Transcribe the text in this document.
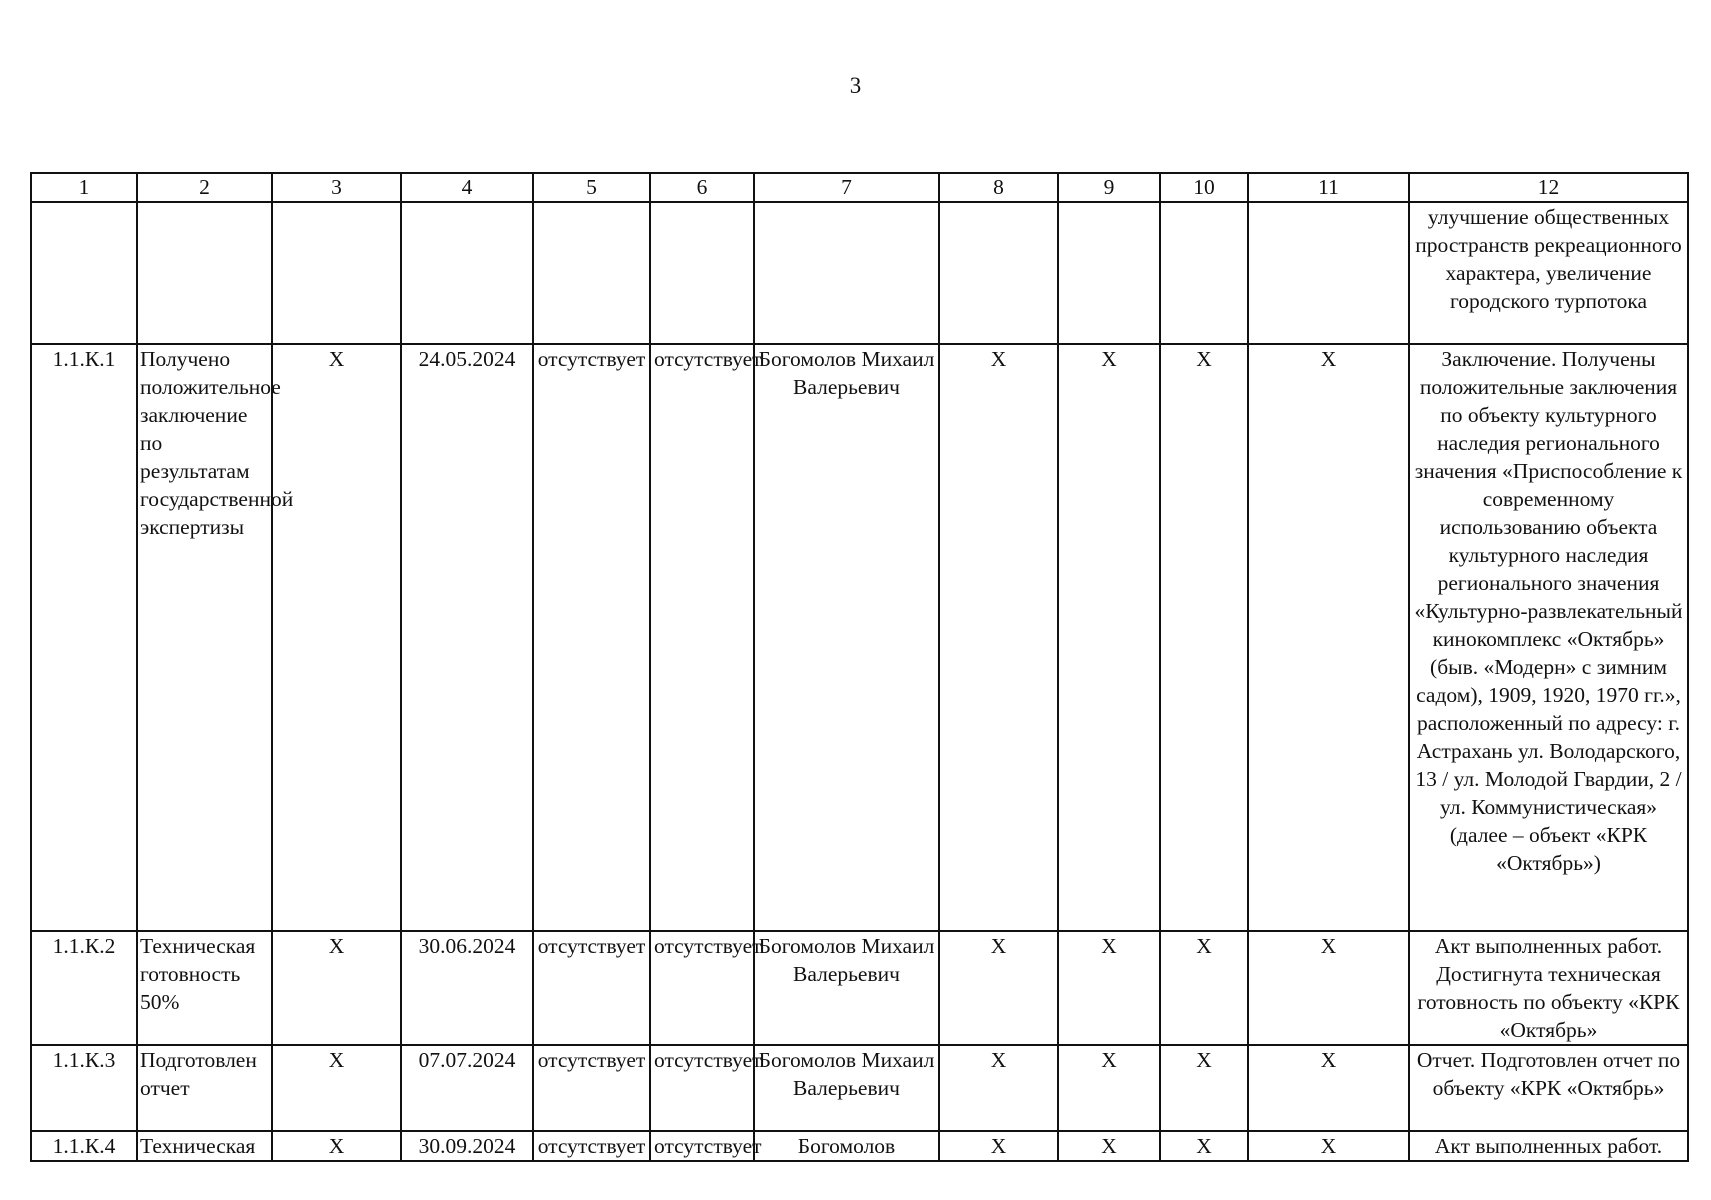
3
1	2	3	4	5	6	7	8	9	10	11	12
											улучшение общественных пространств рекреационного характера, увеличение городского турпотока
1.1.К.1	Получено положительное заключение по результатам государственной экспертизы	X	24.05.2024	отсутствует	отсутствует	Богомолов Михаил Валерьевич	X	X	X	X	Заключение. Получены положительные заключения по объекту культурного наследия регионального значения «Приспособление к современному использованию объекта культурного наследия регионального значения «Культурно-развлекательный кинокомплекс «Октябрь» (быв. «Модерн» с зимним садом), 1909, 1920, 1970 гг.», расположенный по адресу: г. Астрахань ул. Володарского, 13 / ул. Молодой Гвардии, 2 / ул. Коммунистическая» (далее – объект «КРК «Октябрь»)
1.1.К.2	Техническая готовность 50%	X	30.06.2024	отсутствует	отсутствует	Богомолов Михаил Валерьевич	X	X	X	X	Акт выполненных работ. Достигнута техническая готовность по объекту «КРК «Октябрь»
1.1.К.3	Подготовлен отчет	X	07.07.2024	отсутствует	отсутствует	Богомолов Михаил Валерьевич	X	X	X	X	Отчет. Подготовлен отчет по объекту «КРК «Октябрь»
1.1.К.4	Техническая	X	30.09.2024	отсутствует	отсутствует	Богомолов	X	X	X	X	Акт выполненных работ.
